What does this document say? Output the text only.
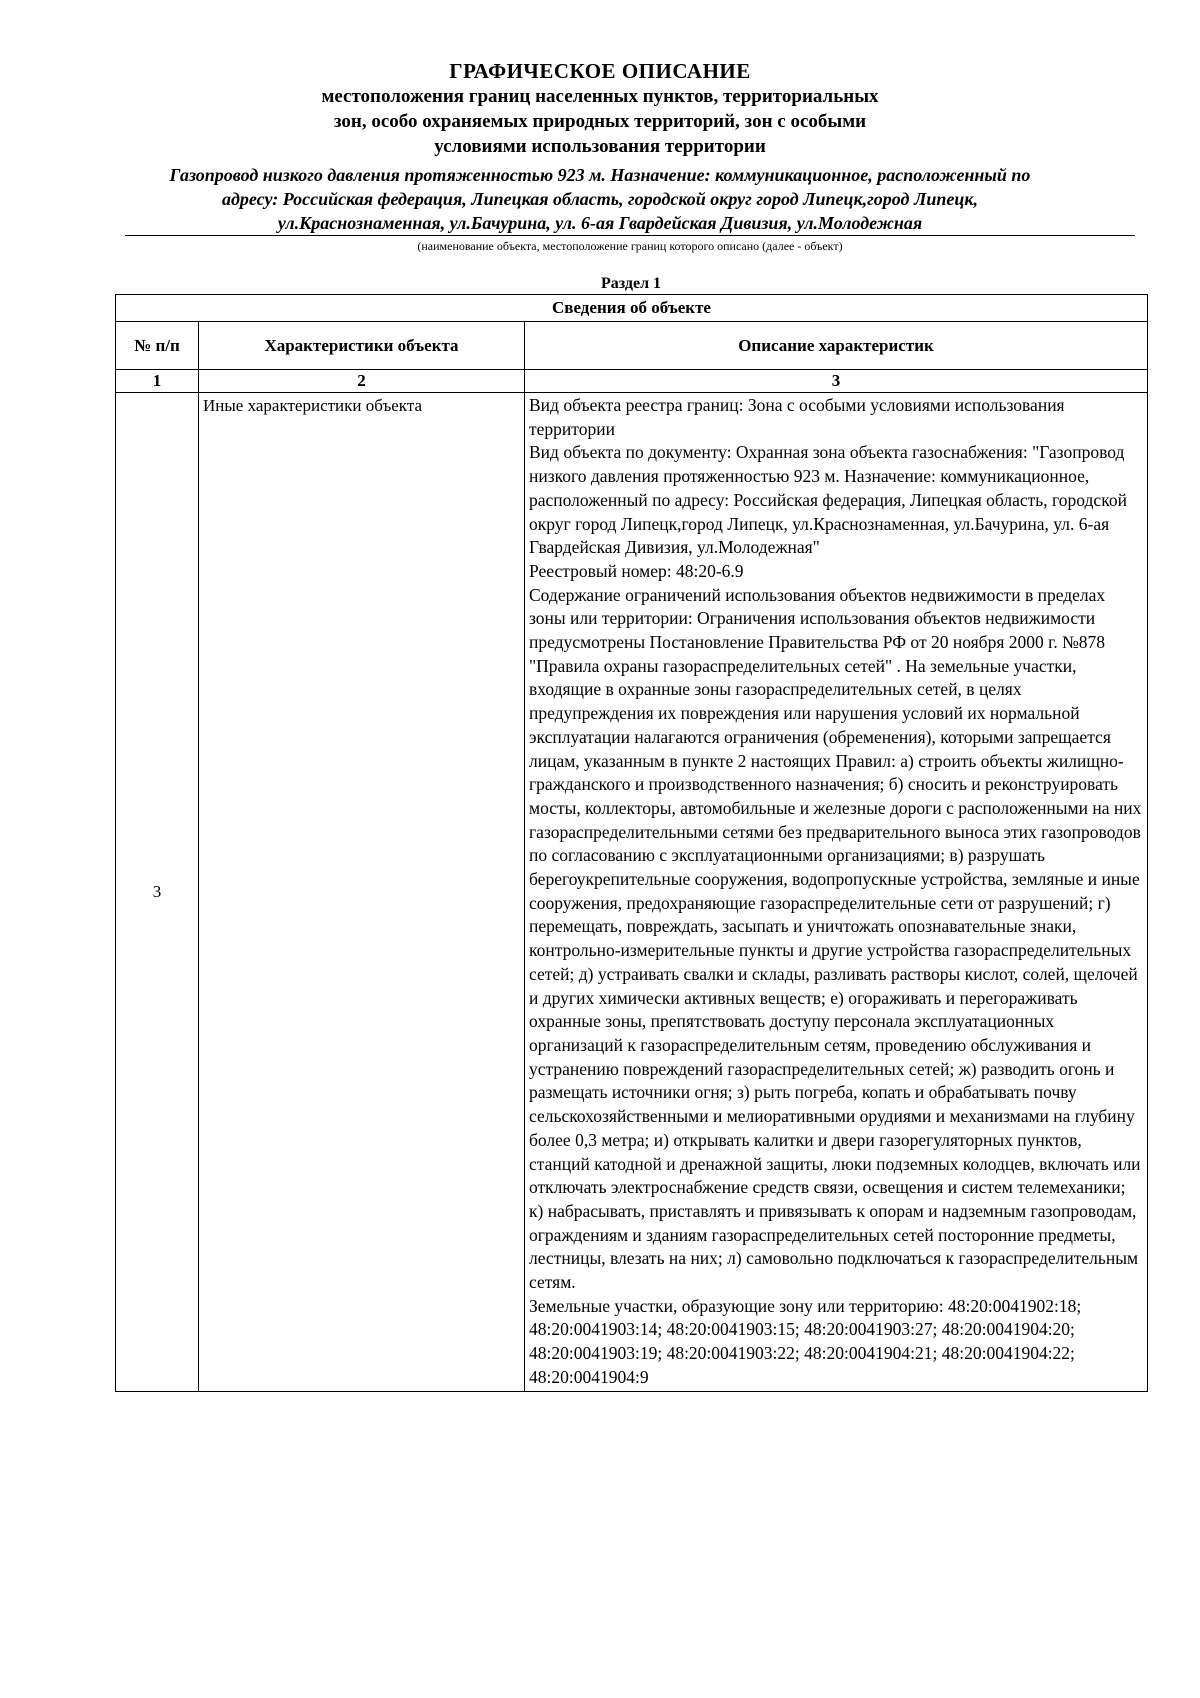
ГРАФИЧЕСКОЕ ОПИСАНИЕ
местоположения границ населенных пунктов, территориальных
зон, особо охраняемых природных территорий, зон с особыми
условиями использования территории
Газопровод низкого давления протяженностью 923 м. Назначение: коммуникационное, расположенный по
адресу: Российская федерация, Липецкая область, городской округ город Липецк,город Липецк,
ул.Краснознаменная, ул.Бачурина, ул. 6-ая Гвардейская Дивизия, ул.Молодежная
(наименование объекта, местоположение границ которого описано (далее - объект)
Раздел 1
Сведения об объекте		
№ п/п	Характеристики объекта	Описание характеристик
1	2	3
3	Иные характеристики объекта	Вид объекта реестра границ: Зона с особыми условиями использования территории

Вид объекта по документу: Охранная зона объекта газоснабжения: "Газопровод низкого давления протяженностью 923 м. Назначение: коммуникационное, расположенный по адресу: Российская федерация, Липецкая область, городской округ город Липецк,город Липецк, ул.Краснознаменная, ул.Бачурина, ул. 6-ая Гвардейская Дивизия, ул.Молодежная"

Реестровый номер: 48:20-6.9

Содержание ограничений использования объектов недвижимости в пределах зоны или территории: Ограничения использования объектов недвижимости предусмотрены Постановление Правительства РФ от 20 ноября 2000 г. №878 "Правила охраны газораспределительных сетей" . На земельные участки, входящие в охранные зоны газораспределительных сетей, в целях предупреждения их повреждения или нарушения условий их нормальной эксплуатации налагаются ограничения (обременения), которыми запрещается лицам, указанным в пункте 2 настоящих Правил: а) строить объекты жилищно-гражданского и производственного назначения; б) сносить и реконструировать мосты, коллекторы, автомобильные и железные дороги с расположенными на них газораспределительными сетями без предварительного выноса этих газопроводов по согласованию с эксплуатационными организациями; в) разрушать берегоукрепительные сооружения, водопропускные устройства, земляные и иные сооружения, предохраняющие газораспределительные сети от разрушений; г) перемещать, повреждать, засыпать и уничтожать опознавательные знаки, контрольно-измерительные пункты и другие устройства газораспределительных сетей; д) устраивать свалки и склады, разливать растворы кислот, солей, щелочей и других химически активных веществ; е) огораживать и перегораживать охранные зоны, препятствовать доступу персонала эксплуатационных организаций к газораспределительным сетям, проведению обслуживания и устранению повреждений газораспределительных сетей; ж) разводить огонь и размещать источники огня; з) рыть погреба, копать и обрабатывать почву сельскохозяйственными и мелиоративными орудиями и механизмами на глубину более 0,3 метра; и) открывать калитки и двери газорегуляторных пунктов, станций катодной и дренажной защиты, люки подземных колодцев, включать или отключать электроснабжение средств связи, освещения и систем телемеханики; к) набрасывать, приставлять и привязывать к опорам и надземным газопроводам, ограждениям и зданиям газораспределительных сетей посторонние предметы, лестницы, влезать на них; л) самовольно подключаться к газораспределительным сетям.

Земельные участки, образующие зону или территорию: 48:20:0041902:18; 48:20:0041903:14; 48:20:0041903:15; 48:20:0041903:27; 48:20:0041904:20; 48:20:0041903:19; 48:20:0041903:22; 48:20:0041904:21; 48:20:0041904:22; 48:20:0041904:9
